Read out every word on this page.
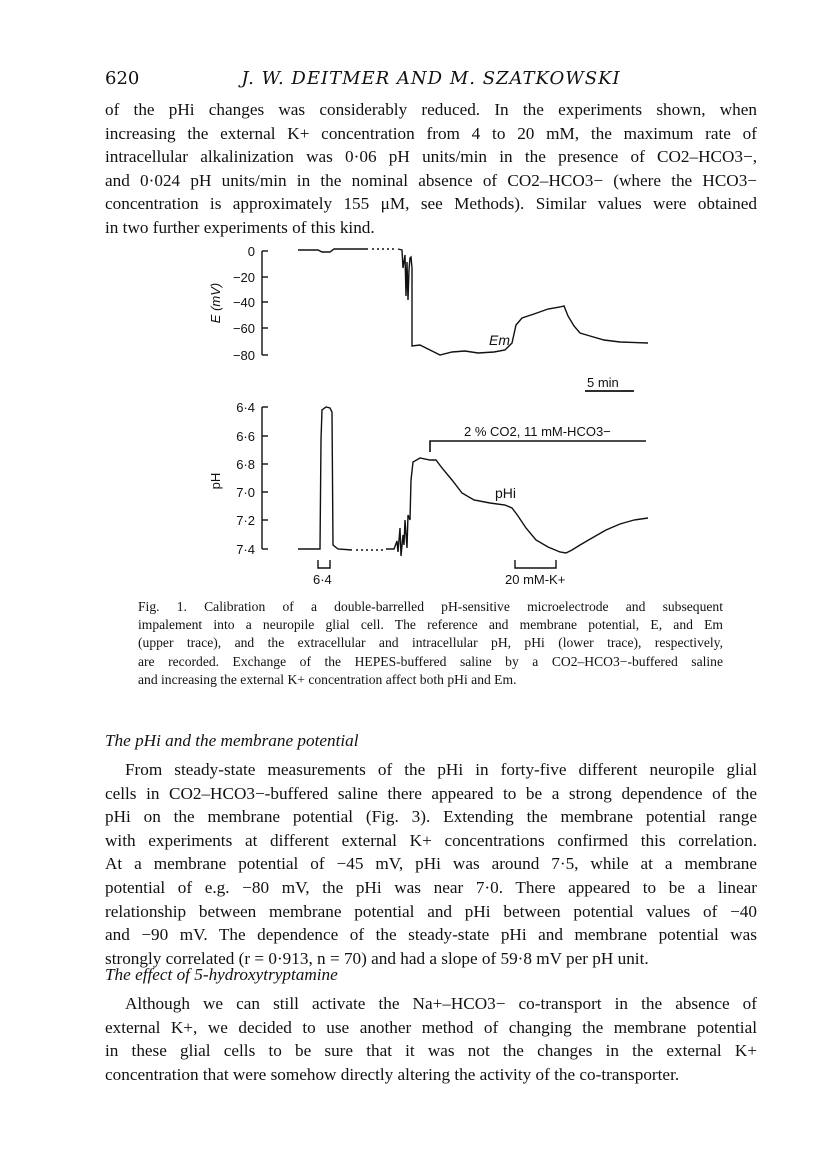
620	J. W. DEITMER AND M. SZATKOWSKI

of the pHi changes was considerably reduced. In the experiments shown, when
increasing the external K+ concentration from 4 to 20 mM, the maximum rate of
intracellular alkalinization was 0·06 pH units/min in the presence of CO2–HCO3−,
and 0·024 pH units/min in the nominal absence of CO2–HCO3− (where the HCO3−
concentration is approximately 155 μM, see Methods). Similar values were obtained
in two further experiments of this kind.

0
−20
−40
−60
−80
E (mV)
Em
5 min
6·4
6·6
6·8
7·0
7·2
7·4
pH
pHi
2 % CO2, 11 mM-HCO3−
6·4	20 mM-K+
Fig. 1. Calibration of a double-barrelled pH-sensitive microelectrode and subsequent
impalement into a neuropile glial cell. The reference and membrane potential, E, and Em
(upper trace), and the extracellular and intracellular pH, pHi (lower trace), respectively,
are recorded. Exchange of the HEPES-buffered saline by a CO2–HCO3−-buffered saline
and increasing the external K+ concentration affect both pHi and Em.
The pHi and the membrane potential

From steady-state measurements of the pHi in forty-five different neuropile glial
cells in CO2–HCO3−-buffered saline there appeared to be a strong dependence of the
pHi on the membrane potential (Fig. 3). Extending the membrane potential range
with experiments at different external K+ concentrations confirmed this correlation.
At a membrane potential of −45 mV, pHi was around 7·5, while at a membrane
potential of e.g. −80 mV, the pHi was near 7·0. There appeared to be a linear
relationship between membrane potential and pHi between potential values of −40
and −90 mV. The dependence of the steady-state pHi and membrane potential was
strongly correlated (r = 0·913, n = 70) and had a slope of 59·8 mV per pH unit.

The effect of 5-hydroxytryptamine

Although we can still activate the Na+–HCO3− co-transport in the absence of
external K+, we decided to use another method of changing the membrane potential
in these glial cells to be sure that it was not the changes in the external K+
concentration that were somehow directly altering the activity of the co-transporter.
